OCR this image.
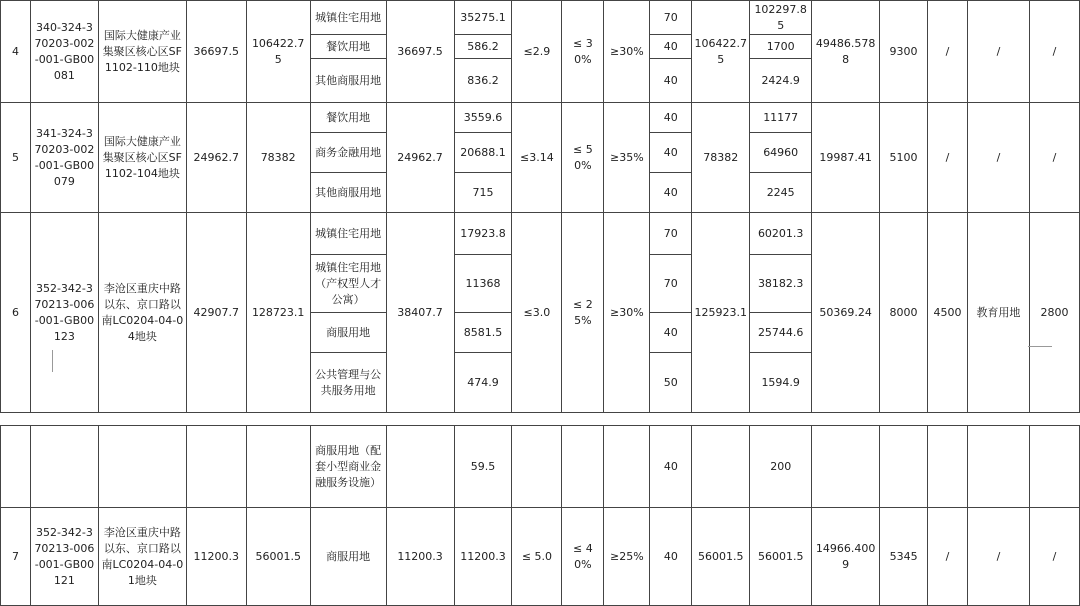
4	340-324-370203-002-001-GB00081	国际大健康产业集聚区核心区SF1102-110地块	36697.5	106422.75	城镇住宅用地	36697.5	35275.1	≤2.9	≤ 30%	≥30%	70	106422.75	102297.85	49486.5788	9300	/	/	/
					餐饮用地		586.2				40		1700					
					其他商服用地		836.2				40		2424.9					
5	341-324-370203-002-001-GB00079	国际大健康产业集聚区核心区SF1102-104地块	24962.7	78382	餐饮用地	24962.7	3559.6	≤3.14	≤ 50%	≥35%	40	78382	11177	19987.41	5100	/	/	/
					商务金融用地		20688.1				40		64960					
					其他商服用地		715				40		2245					
6	352-342-370213-006-001-GB00123	李沧区重庆中路以东、京口路以南LC0204-04-04地块	42907.7	128723.1	城镇住宅用地	38407.7	17923.8	≤3.0	≤ 25%	≥30%	70	125923.1	60201.3	50369.24	8000	4500	教育用地	2800
					城镇住宅用地（产权型人才公寓）		11368				70		38182.3					
					商服用地		8581.5				40		25744.6					
					公共管理与公共服务用地		474.9				50		1594.9					
					商服用地（配套小型商业金融服务设施）		59.5				40		200					
7	352-342-370213-006-001-GB00121	李沧区重庆中路以东、京口路以南LC0204-04-01地块	11200.3	56001.5	商服用地	11200.3	11200.3	≤ 5.0	≤ 40%	≥25%	40	56001.5	56001.5	14966.4009	5345	/	/	/
